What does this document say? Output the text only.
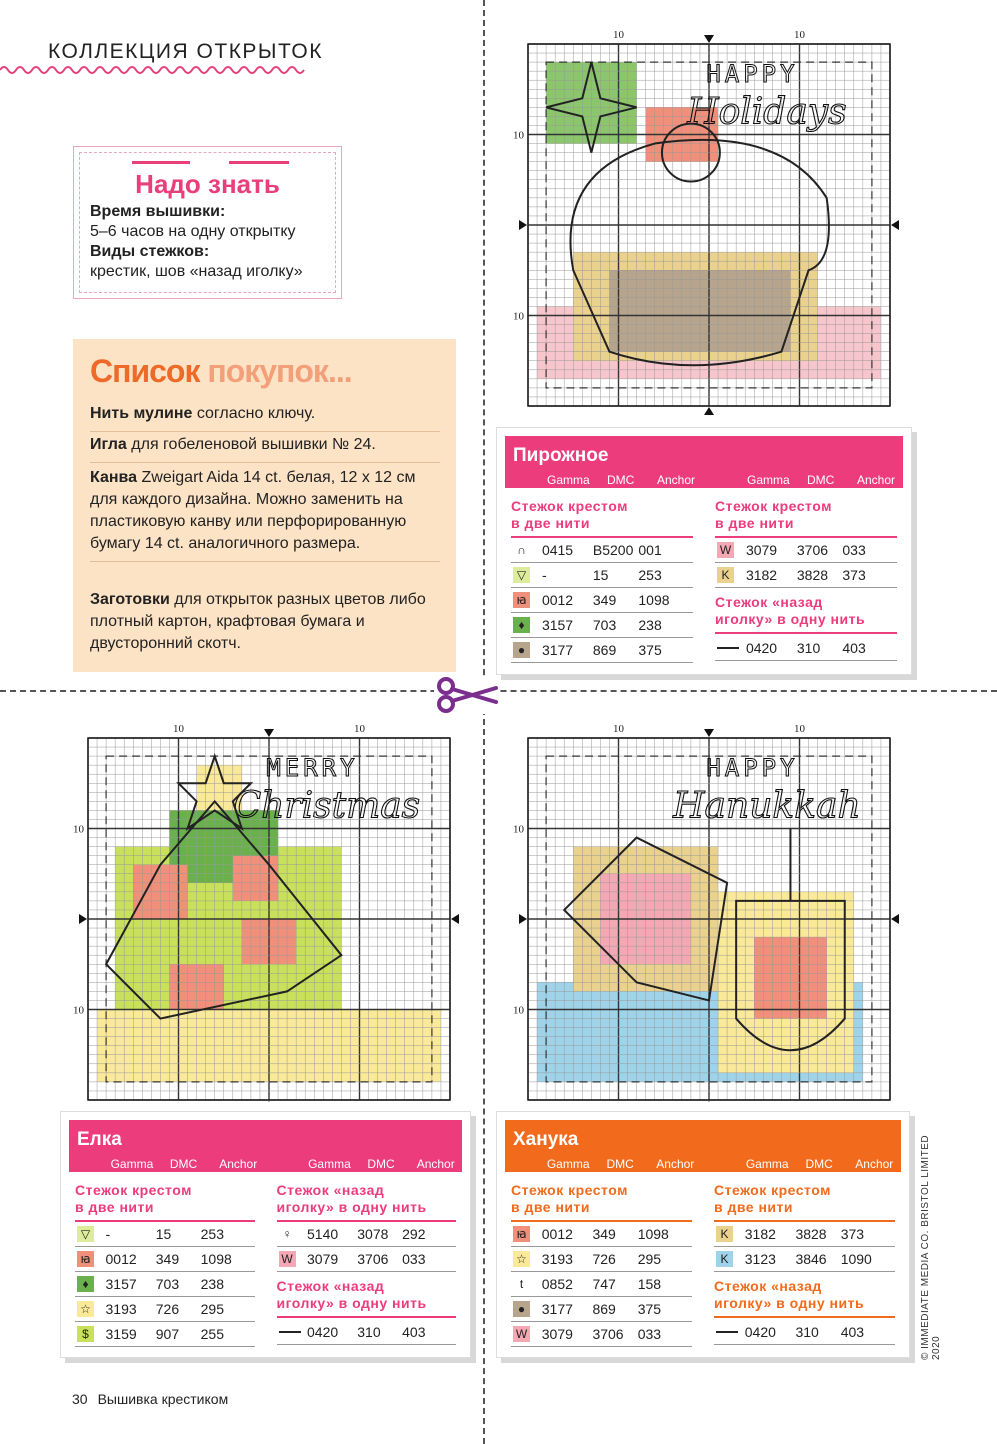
КОЛЛЕКЦИЯ ОТКРЫТОК
Надо знать
Время вышивки:
5–6 часов на одну открытку
Виды стежков:
крестик, шов «назад иголку»
Список покупок...
Нить мулине согласно ключу.
Игла для гобеленовой вышивки № 24.
Канва Zweigart Aida 14 ct. белая, 12 х 12 см для каждого дизайна. Можно заменить на пластиковую канву или перфорированную бумагу 14 ct. аналогичного размера.
Заготовки для открыток разных цветов либо плотный картон, крафтовая бумага и двусторонний скотч.
10	10
10
10
HAPPY
Holidays
10	10
10
10
MERRY
Christmas
10	10
10
10
HAPPY
Hanukkah
Пирожное
Gamma DMC Anchor	Gamma DMC Anchor
Стежок крестом
в две нити
∩ 0415 B5200 001
▽ -	15 253
ꙗ 0012 349 1098
♦	3157 703 238
●	3177 869 375
Стежок крестом
в две нити
W 3079 3706 033
K	3182 3828 373
Стежок «назад
иголку» в одну нить
0420 310 403
Елка
Gamma DMC Anchor	Gamma DMC Anchor
Стежок крестом
в две нити
▽ -	15 253
ꙗ 0012 349 1098
♦	3157 703 238
☆ 3193 726 295
$	3159 907 255
Стежок «назад
иголку» в одну нить
♀ 5140 3078 292
W 3079 3706 033
Стежок «назад
иголку» в одну нить
0420 310 403
Ханука
Gamma DMC Anchor	Gamma DMC Anchor
Стежок крестом
в две нити
ꙗ 0012 349 1098
☆ 3193 726 295
t	0852 747 158
●	3177 869 375
W 3079 3706 033
Стежок крестом
в две нити
K	3182 3828 373
K	3123 3846 1090
Стежок «назад
иголку» в одну нить
0420 310 403
30 Вышивка крестиком
© IMMEDIATE MEDIA CO. BRISTOL LIMITED 2020
